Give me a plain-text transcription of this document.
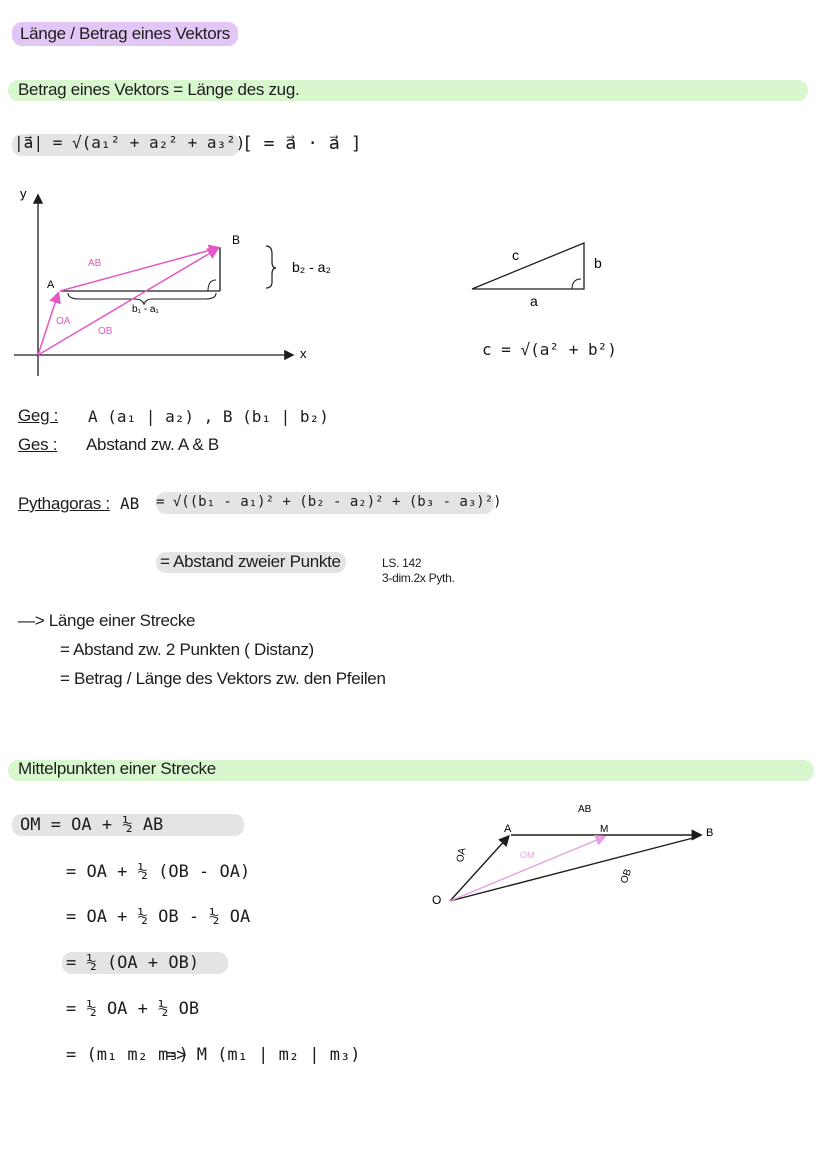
Länge / Betrag eines Vektors
Betrag eines Vektors = Länge des zug.
|a⃗| = √(a₁² + a₂² + a₃²)
[ = a⃗ · a⃗ ]
y
x
A
B
AB
OA
OB
b₁ - a₁
b₂ - a₂
c	b
a
c = √(a² + b²)
Geg : A (a₁ | a₂) , B (b₁ | b₂)
Ges : Abstand zw. A & B
Pythagoras : AB = √((b₁ - a₁)² + (b₂ - a₂)² + (b₃ - a₃)²)
= Abstand zweier Punkte	LS. 142
3-dim.2x Pyth.
—> Länge einer Strecke
= Abstand zw. 2 Punkten ( Distanz)
= Betrag / Länge des Vektors zw. den Pfeilen
Mittelpunkten einer Strecke
OM = OA + ½ AB
= OA + ½ (OB - OA)
= OA + ½ OB - ½ OA
= ½ (OA + OB)
= ½ OA + ½ OB
= (m₁ m₂ m₃)
=> M (m₁ | m₂ | m₃)
O
A	M	B
AB
OA	OM
OB
